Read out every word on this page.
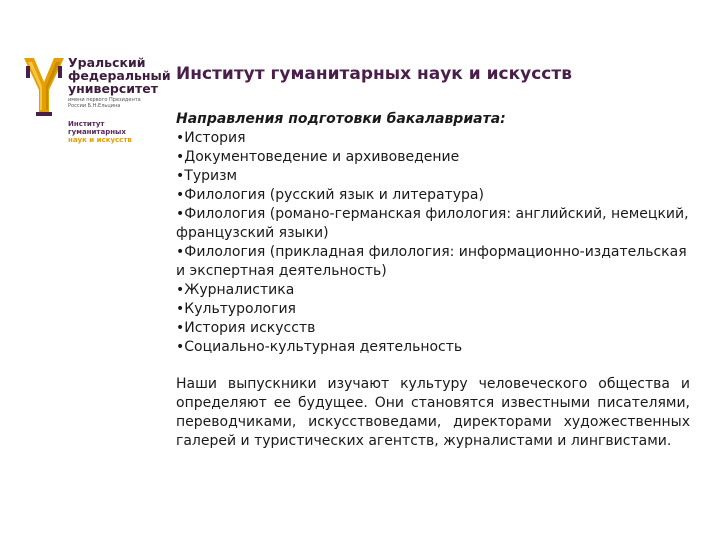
Уральский
федеральный
университет
имени первого Президента
России Б.Н.Ельцина
Институт
гуманитарных
наук и искусств
Институт гуманитарных наук и искусств

Направления подготовки бакалавриата:

• История
• Документоведение и архивоведение
• Туризм
• Филология (русский язык и литература)
• Филология (романо-германская филология: английский, немецкий, французский языки)
• Филология (прикладная филология: информационно-издательская и экспертная деятельность)
• Журналистика
• Культурология
• История искусств
• Социально-культурная деятельность

Наши выпускники изучают культуру человеческого общества и определяют ее будущее. Они становятся известными писателями, переводчиками, искусствоведами, директорами художественных галерей и туристических агентств, журналистами и лингвистами.
